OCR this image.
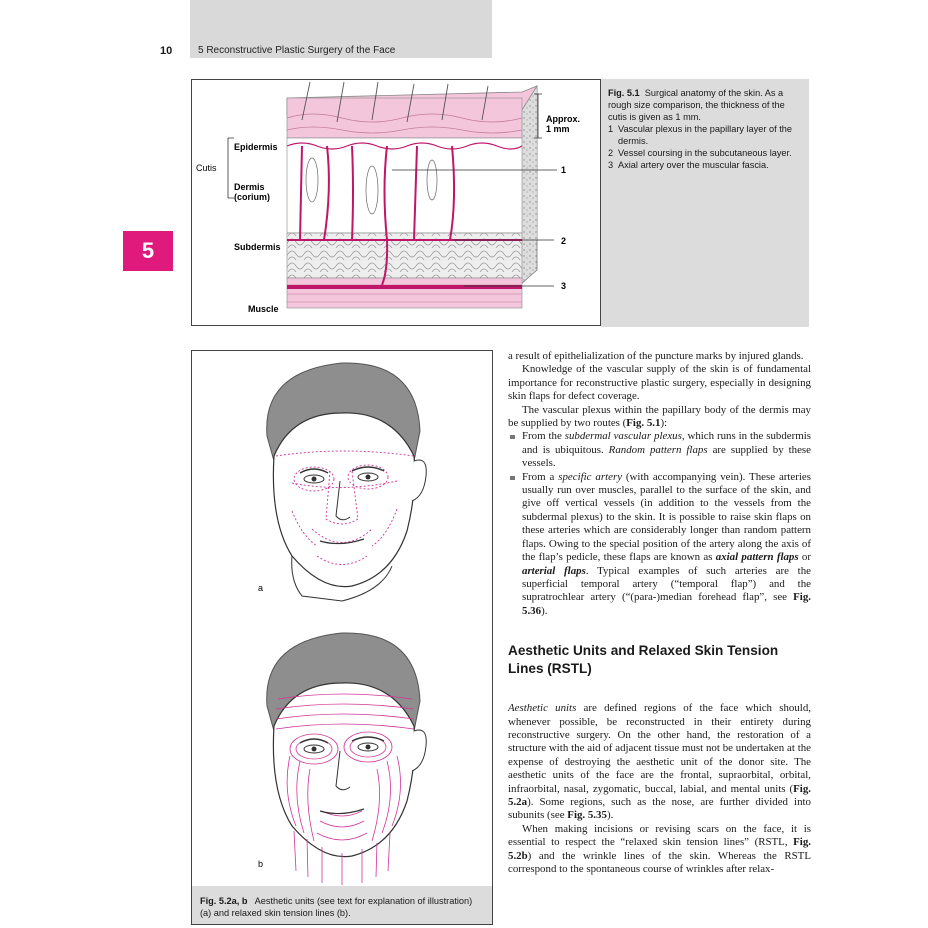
10	5 Reconstructive Plastic Surgery of the Face
5
Cutis
Epidermis
Dermis
(corium)
Subdermis
Muscle
Approx.
1 mm
1
2
3
Fig. 5.1 Surgical anatomy of the skin. As a rough size comparison, the thickness of the cutis is given as 1 mm.
1 Vascular plexus in the papillary layer of the dermis.
2 Vessel coursing in the subcutaneous layer.
3 Axial artery over the muscular fascia.
a
b
Fig. 5.2a, b Aesthetic units (see text for explanation of illustration) (a) and relaxed skin tension lines (b).

a result of epithelialization of the puncture marks by injured glands.

Knowledge of the vascular supply of the skin is of fundamental importance for reconstructive plastic surgery, especially in designing skin flaps for defect coverage.

The vascular plexus within the papillary body of the dermis may be supplied by two routes (Fig. 5.1):

From the subdermal vascular plexus, which runs in the subdermis and is ubiquitous. Random pattern flaps are supplied by these vessels.
From a specific artery (with accompanying vein). These arteries usually run over muscles, parallel to the surface of the skin, and give off vertical vessels (in addition to the vessels from the subdermal plexus) to the skin. It is possible to raise skin flaps on these arteries which are considerably longer than random pattern flaps. Owing to the special position of the artery along the axis of the flap’s pedicle, these flaps are known as axial pattern flaps or arterial flaps. Typical examples of such arteries are the superficial temporal artery (“temporal flap”) and the supratrochlear artery (“(para-)median forehead flap”, see Fig. 5.36).
Aesthetic Units and Relaxed Skin Tension Lines (RSTL)

Aesthetic units are defined regions of the face which should, whenever possible, be reconstructed in their entirety during reconstructive surgery. On the other hand, the restoration of a structure with the aid of adjacent tissue must not be undertaken at the expense of destroying the aesthetic unit of the donor site. The aesthetic units of the face are the frontal, supraorbital, orbital, infraorbital, nasal, zygomatic, buccal, labial, and mental units (Fig. 5.2a). Some regions, such as the nose, are further divided into subunits (see Fig. 5.35).

When making incisions or revising scars on the face, it is essential to respect the “relaxed skin tension lines” (RSTL, Fig. 5.2b) and the wrinkle lines of the skin. Whereas the RSTL correspond to the spontaneous course of wrinkles after relax-
